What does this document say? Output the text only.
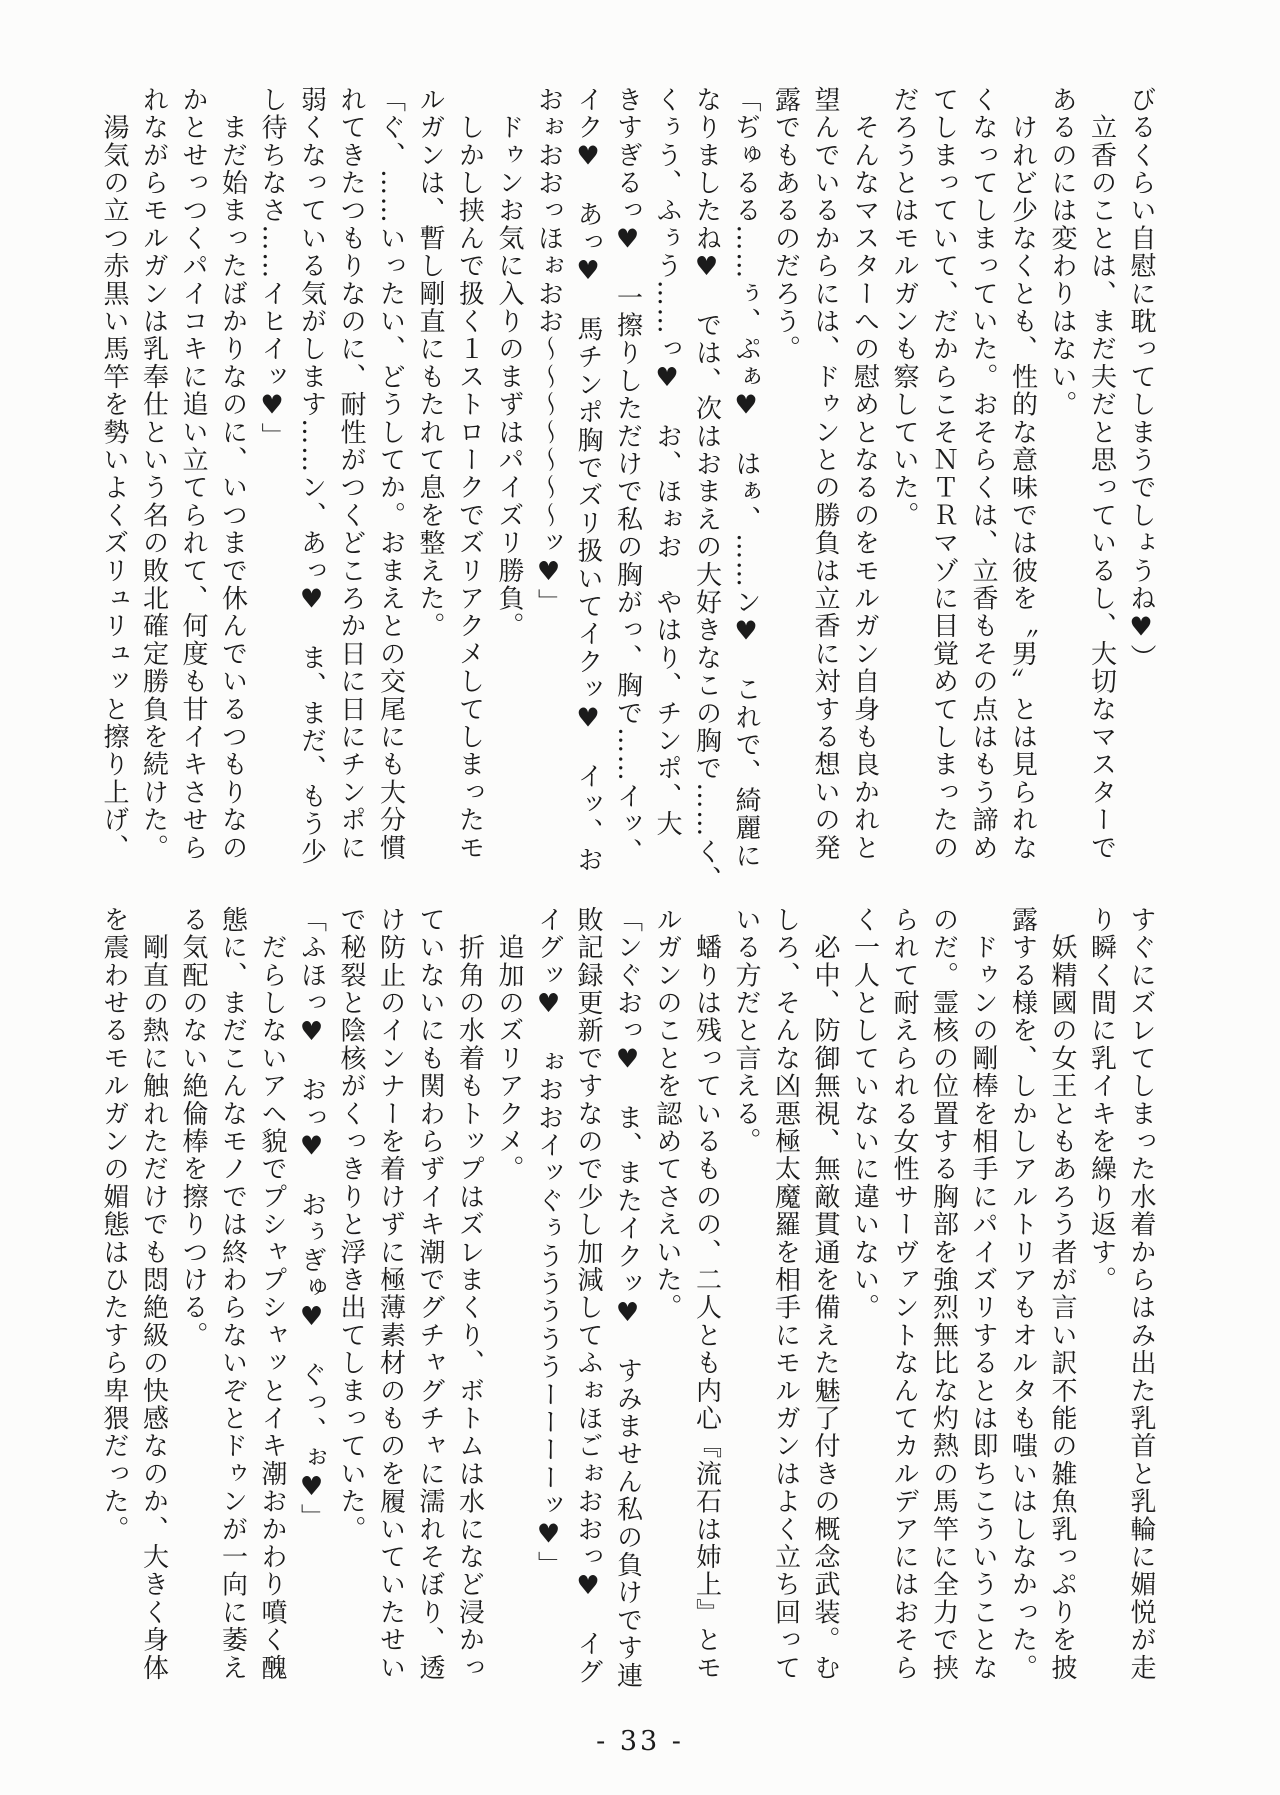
びるくらい自慰に耽ってしまうでしょうね♥）
　立香のことは、まだ夫だと思っているし、大切なマスターで
あるのには変わりはない。
　けれど少なくとも、性的な意味では彼を〝男〟とは見られな
くなってしまっていた。おそらくは、立香もその点はもう諦め
てしまっていて、だからこそＮＴＲマゾに目覚めてしまったの
だろうとはモルガンも察していた。
　そんなマスターへの慰めとなるのをモルガン自身も良かれと
望んでいるからには、ドゥンとの勝負は立香に対する想いの発
露でもあるのだろう。
「ぢゅるる……ぅ、ぷぁ♥　はぁ、……ン♥　これで、綺麗に
なりましたね♥　では、次はおまえの大好きなこの胸で……く、
くぅう、ふぅう……っ♥　お、ほぉお　やはり、チンポ、大
きすぎるっ♥　一擦りしただけで私の胸がっ、胸で……イッ、
イク♥　あっ♥　馬チンポ胸でズリ扱いてイクッ♥　イッ、お
おぉおおっほぉおお～～～～～～～ッ♥」
　ドゥンお気に入りのまずはパイズリ勝負。
　しかし挟んで扱く１ストロークでズリアクメしてしまったモ
ルガンは、暫し剛直にもたれて息を整えた。
「ぐ、……いったい、どうしてか。おまえとの交尾にも大分慣
れてきたつもりなのに、耐性がつくどころか日に日にチンポに
弱くなっている気がします……ン、あっ♥　ま、まだ、もう少
し待ちなさ……イヒイッ♥」
　まだ始まったばかりなのに、いつまで休んでいるつもりなの
かとせっつくパイコキに追い立てられて、何度も甘イキさせら
れながらモルガンは乳奉仕という名の敗北確定勝負を続けた。
　湯気の立つ赤黒い馬竿を勢いよくズリュリュッと擦り上げ、
すぐにズレてしまった水着からはみ出た乳首と乳輪に媚悦が走
り瞬く間に乳イキを繰り返す。
　妖精國の女王ともあろう者が言い訳不能の雑魚乳っぷりを披
露する様を、しかしアルトリアもオルタも嗤いはしなかった。
　ドゥンの剛棒を相手にパイズリするとは即ちこういうことな
のだ。霊核の位置する胸部を強烈無比な灼熱の馬竿に全力で挟
られて耐えられる女性サーヴァントなんてカルデアにはおそら
く一人としていないに違いない。
　必中、防御無視、無敵貫通を備えた魅了付きの概念武装。む
しろ、そんな凶悪極太魔羅を相手にモルガンはよく立ち回って
いる方だと言える。
　蟠りは残っているものの、二人とも内心『流石は姉上』とモ
ルガンのことを認めてさえいた。
「ンぐおっ♥　ま、またイクッ♥　すみません私の負けです連
敗記録更新ですなので少し加減してふぉほごぉおおっ♥　イグ
イグッ♥　ぉおおイッぐぅうううううーーーーッ♥」
　追加のズリアクメ。
　折角の水着もトップはズレまくり、ボトムは水になど浸かっ
ていないにも関わらずイキ潮でグチャグチャに濡れそぼり、透
け防止のインナーを着けずに極薄素材のものを履いていたせい
で秘裂と陰核がくっきりと浮き出てしまっていた。
「ふほっ♥　おっ♥　おぅぎゅ♥　ぐっ、ぉ♥」
　だらしないアヘ貌でプシャプシャッとイキ潮おかわり噴く醜
態に、まだこんなモノでは終わらないぞとドゥンが一向に萎え
る気配のない絶倫棒を擦りつける。
　剛直の熱に触れただけでも悶絶級の快感なのか、大きく身体
を震わせるモルガンの媚態はひたすら卑猥だった。
- 33 -
